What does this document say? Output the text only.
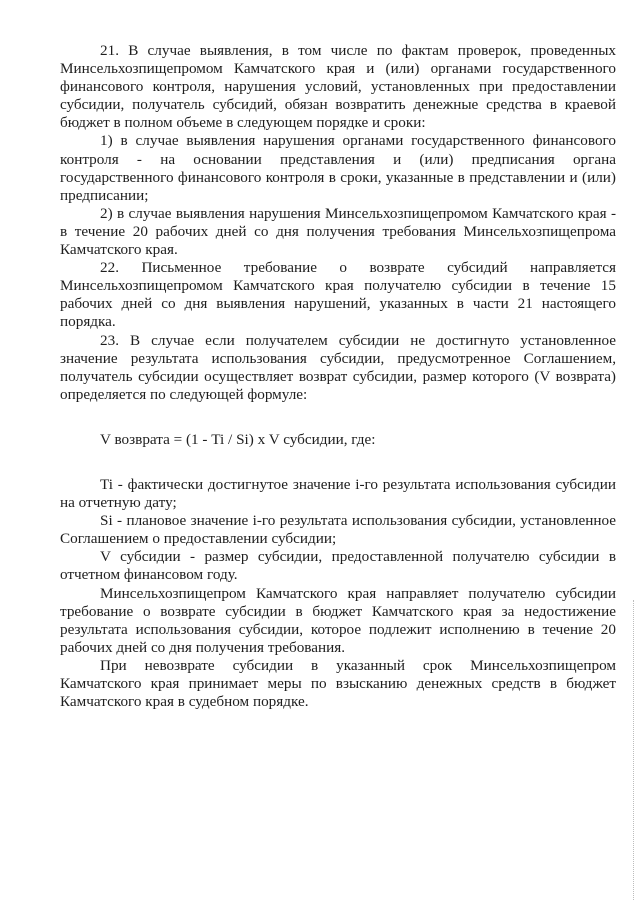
21. В случае выявления, в том числе по фактам проверок, проведенных Минсельхозпищепромом Камчатского края и (или) органами государственного финансового контроля, нарушения условий, установленных при предоставлении субсидии, получатель субсидий, обязан возвратить денежные средства в краевой бюджет в полном объеме в следующем порядке и сроки:

1) в случае выявления нарушения органами государственного финансового контроля - на основании представления и (или) предписания органа государственного финансового контроля в сроки, указанные в представлении и (или) предписании;

2) в случае выявления нарушения Минсельхозпищепромом Камчатского края - в течение 20 рабочих дней со дня получения требования Минсельхозпищепрома Камчатского края.

22. Письменное требование о возврате субсидий направляется Минсельхозпищепромом Камчатского края получателю субсидии в течение 15 рабочих дней со дня выявления нарушений, указанных в части 21 настоящего порядка.

23. В случае если получателем субсидии не достигнуто установленное значение результата использования субсидии, предусмотренное Соглашением, получатель субсидии осуществляет возврат субсидии, размер которого (V возврата) определяется по следующей формуле:

V возврата = (1 - Ti / Si) x V субсидии, где:

Ti - фактически достигнутое значение i-го результата использования субсидии на отчетную дату;

Si - плановое значение i-го результата использования субсидии, установленное Соглашением о предоставлении субсидии;

V субсидии - размер субсидии, предоставленной получателю субсидии в отчетном финансовом году.

Минсельхозпищепром Камчатского края направляет получателю субсидии требование о возврате субсидии в бюджет Камчатского края за недостижение результата использования субсидии, которое подлежит исполнению в течение 20 рабочих дней со дня получения требования.

При невозврате субсидии в указанный срок Минсельхозпищепром Камчатского края принимает меры по взысканию денежных средств в бюджет Камчатского края в судебном порядке.
